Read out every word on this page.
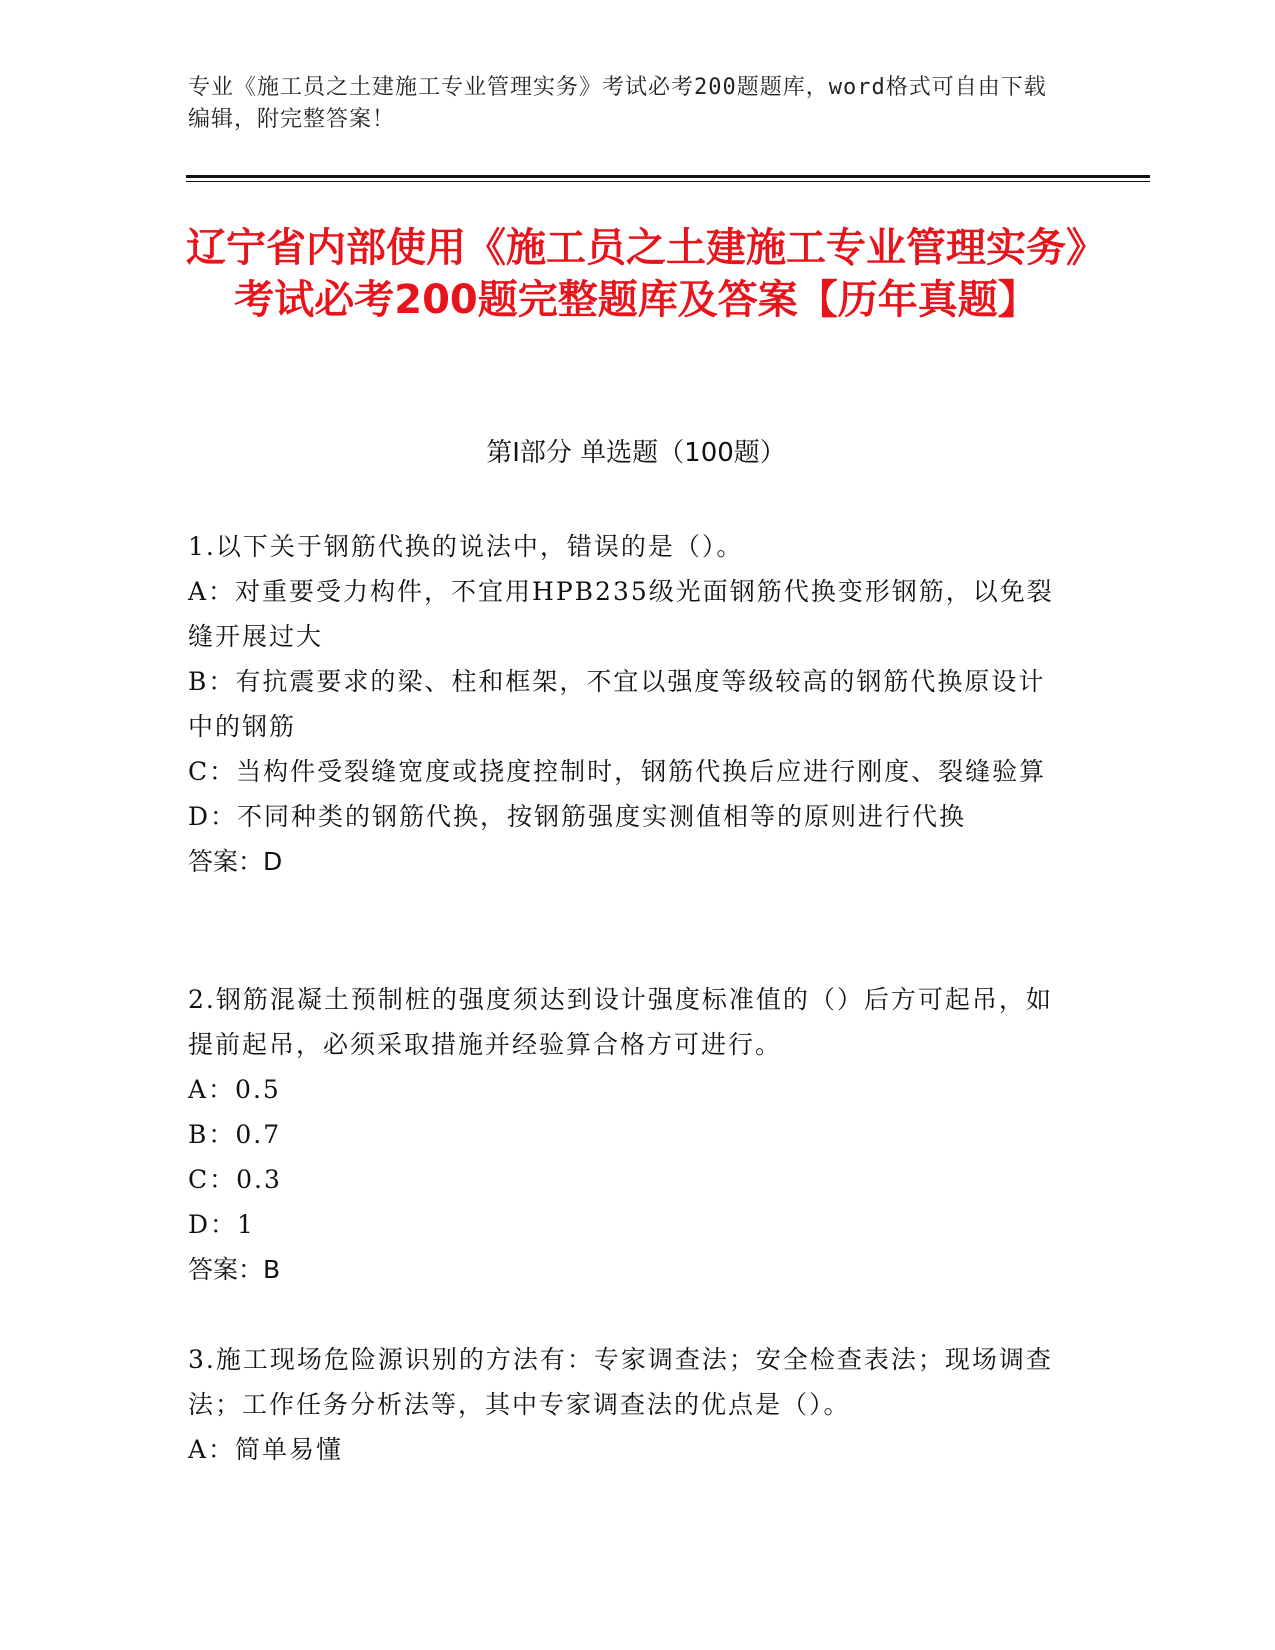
专业《施工员之土建施工专业管理实务》考试必考200题题库，word格式可自由下载编辑，附完整答案！
辽宁省内部使用《施工员之土建施工专业管理实务》考试必考200题完整题库及答案【历年真题】
第I部分 单选题（100题）
1.以下关于钢筋代换的说法中，错误的是（）。
A：对重要受力构件，不宜用HPB235级光面钢筋代换变形钢筋，以免裂缝开展过大
B：有抗震要求的梁、柱和框架，不宜以强度等级较高的钢筋代换原设计中的钢筋
C：当构件受裂缝宽度或挠度控制时，钢筋代换后应进行刚度、裂缝验算
D：不同种类的钢筋代换，按钢筋强度实测值相等的原则进行代换
答案：D
2.钢筋混凝土预制桩的强度须达到设计强度标准值的（）后方可起吊，如提前起吊，必须采取措施并经验算合格方可进行。
A：0.5
B：0.7
C：0.3
D：1
答案：B
3.施工现场危险源识别的方法有：专家调查法；安全检查表法；现场调查法；工作任务分析法等，其中专家调查法的优点是（）。
A：简单易懂
